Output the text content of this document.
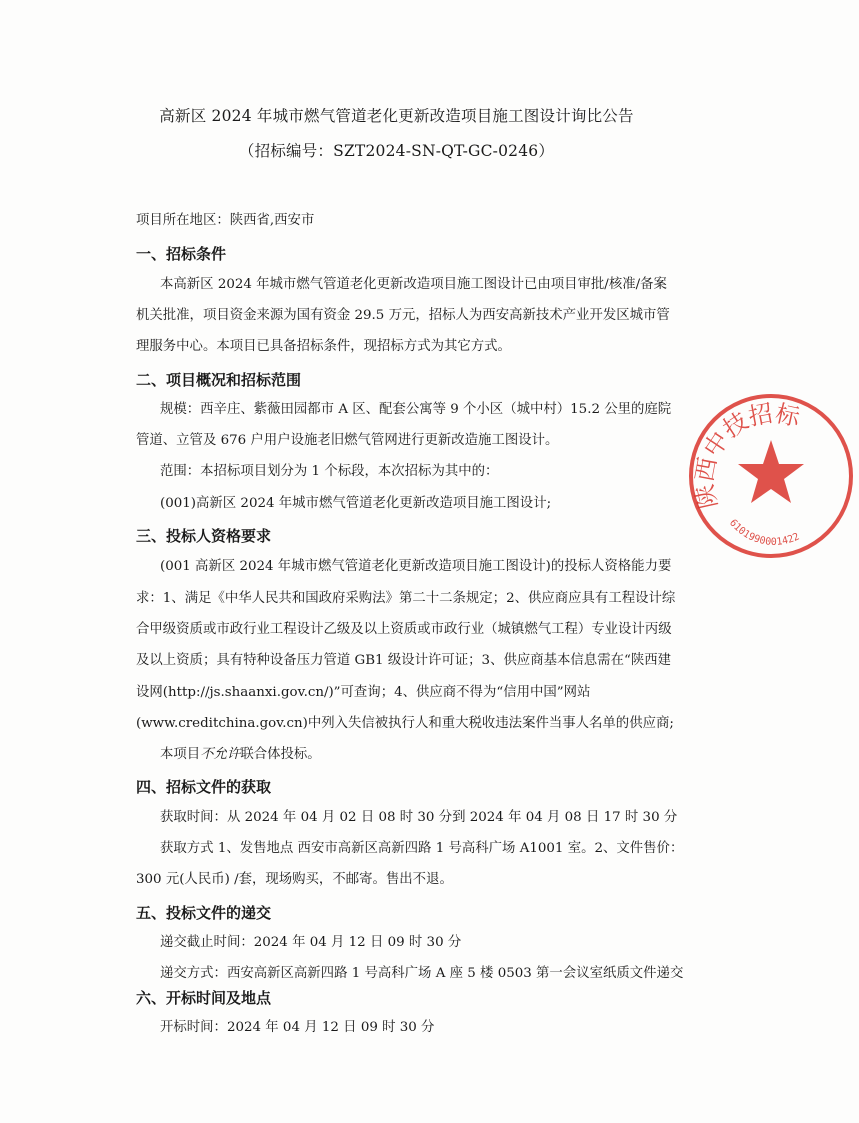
高新区 2024 年城市燃气管道老化更新改造项目施工图设计询比公告
（招标编号：SZT2024-SN-QT-GC-0246）
项目所在地区：陕西省,西安市
一、招标条件
本高新区 2024 年城市燃气管道老化更新改造项目施工图设计已由项目审批/核准/备案
机关批准，项目资金来源为国有资金 29.5 万元，招标人为西安高新技术产业开发区城市管
理服务中心。本项目已具备招标条件，现招标方式为其它方式。
二、项目概况和招标范围
规模：西辛庄、紫薇田园都市 A 区、配套公寓等 9 个小区（城中村）15.2 公里的庭院
管道、立管及 676 户用户设施老旧燃气管网进行更新改造施工图设计。
范围：本招标项目划分为 1 个标段，本次招标为其中的：
(001)高新区 2024 年城市燃气管道老化更新改造项目施工图设计;
三、投标人资格要求
(001 高新区 2024 年城市燃气管道老化更新改造项目施工图设计)的投标人资格能力要
求：1、满足《中华人民共和国政府采购法》第二十二条规定；2、供应商应具有工程设计综
合甲级资质或市政行业工程设计乙级及以上资质或市政行业（城镇燃气工程）专业设计丙级
及以上资质；具有特种设备压力管道 GB1 级设计许可证；3、供应商基本信息需在“陕西建
设网(http://js.shaanxi.gov.cn/)”可查询；4、供应商不得为“信用中国”网站
(www.creditchina.gov.cn)中列入失信被执行人和重大税收违法案件当事人名单的供应商;
本项目不允许联合体投标。
四、招标文件的获取
获取时间：从 2024 年 04 月 02 日 08 时 30 分到 2024 年 04 月 08 日 17 时 30 分
获取方式 1、发售地点 西安市高新区高新四路 1 号高科广场 A1001 室。2、文件售价：
300 元(人民币) /套，现场购买，不邮寄。售出不退。
五、投标文件的递交
递交截止时间：2024 年 04 月 12 日 09 时 30 分
递交方式：西安高新区高新四路 1 号高科广场 A 座 5 楼 0503 第一会议室纸质文件递交
六、开标时间及地点
开标时间：2024 年 04 月 12 日 09 时 30 分
陕西中技招标
6101990001422
